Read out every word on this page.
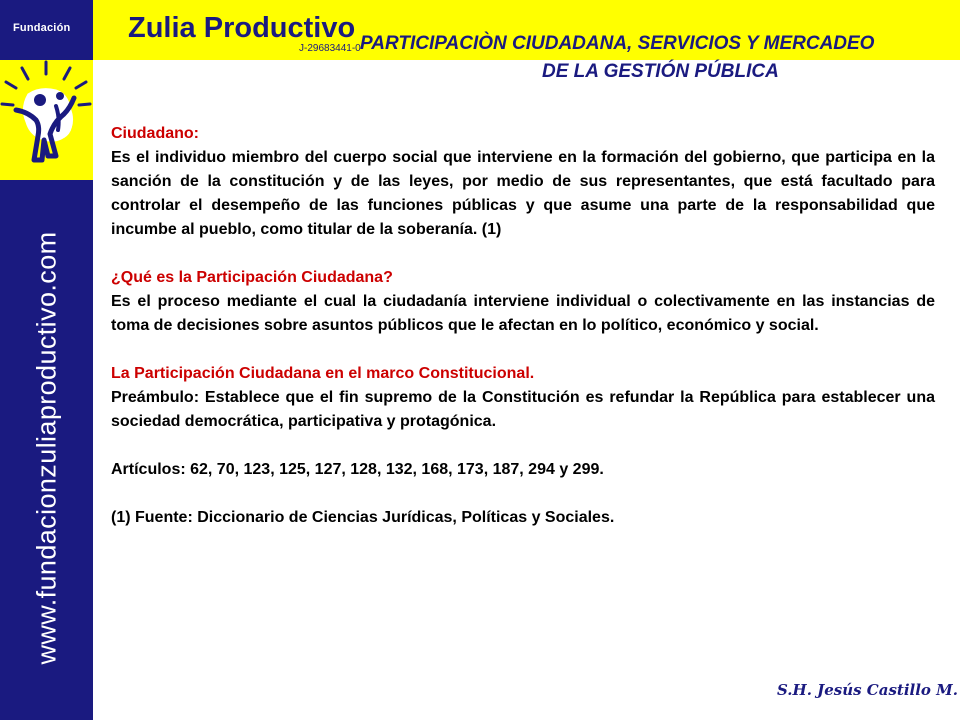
Fundación
www.fundacionzuliaproductivo.com
Zulia Productivo
J-29683441-0 PARTICIPACIÒN CIUDADANA, SERVICIOS Y MERCADEO
DE LA GESTIÓN PÚBLICA

Ciudadano:

Es el individuo miembro del cuerpo social que interviene en la formación del gobierno, que participa en la sanción de la constitución y de las leyes, por medio de sus representantes, que está facultado para controlar el desempeño de las funciones públicas y que asume una parte de la responsabilidad que incumbe al pueblo, como titular de la soberanía. (1)

¿Qué es la Participación Ciudadana?

Es el proceso mediante el cual la ciudadanía interviene individual o colectivamente en las instancias de toma de decisiones sobre asuntos públicos que le afectan en lo político, económico y social.

La Participación Ciudadana en el marco Constitucional.

Preámbulo: Establece que el fin supremo de la Constitución es refundar la República para establecer una sociedad democrática, participativa y protagónica.

Artículos: 62, 70, 123, 125, 127, 128, 132, 168, 173, 187, 294 y 299.

(1) Fuente: Diccionario de Ciencias Jurídicas, Políticas y Sociales.

S.H. Jesús Castillo M.
